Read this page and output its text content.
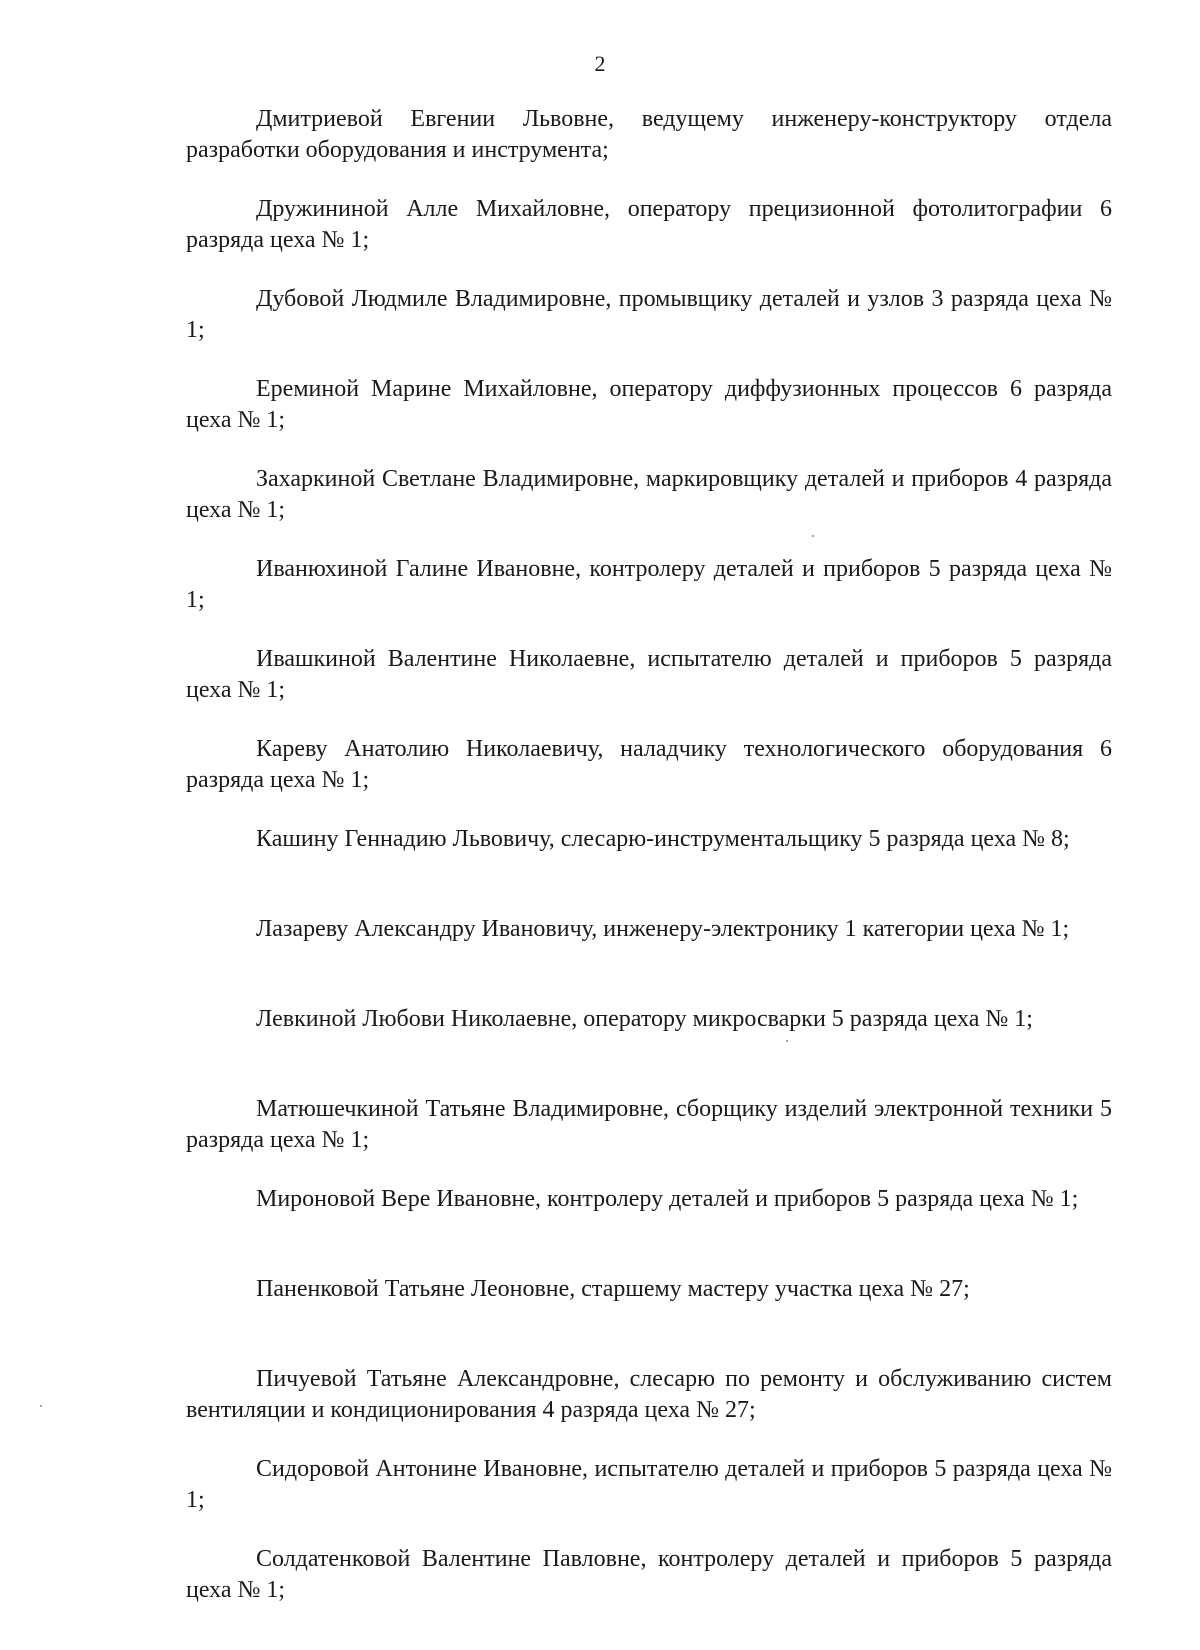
2

Дмитриевой Евгении Львовне, ведущему инженеру-конструктору отдела разработки оборудования и инструмента;

Дружининой Алле Михайловне, оператору прецизионной фотолитографии 6 разряда цеха № 1;

Дубовой Людмиле Владимировне, промывщику деталей и узлов 3 разряда цеха № 1;

Ереминой Марине Михайловне, оператору диффузионных процессов 6 разряда цеха № 1;

Захаркиной Светлане Владимировне, маркировщику деталей и приборов 4 разряда цеха № 1;

Иванюхиной Галине Ивановне, контролеру деталей и приборов 5 разряда цеха № 1;

Ивашкиной Валентине Николаевне, испытателю деталей и приборов 5 разряда цеха № 1;

Кареву Анатолию Николаевичу, наладчику технологического оборудования 6 разряда цеха № 1;

Кашину Геннадию Львовичу, слесарю-инструментальщику 5 разряда цеха № 8;

Лазареву Александру Ивановичу, инженеру-электронику 1 категории цеха № 1;

Левкиной Любови Николаевне, оператору микросварки 5 разряда цеха № 1;

Матюшечкиной Татьяне Владимировне, сборщику изделий электронной техники 5 разряда цеха № 1;

Мироновой Вере Ивановне, контролеру деталей и приборов 5 разряда цеха № 1;

Паненковой Татьяне Леоновне, старшему мастеру участка цеха № 27;

Пичуевой Татьяне Александровне, слесарю по ремонту и обслуживанию систем вентиляции и кондиционирования 4 разряда цеха № 27;

Сидоровой Антонине Ивановне, испытателю деталей и приборов 5 разряда цеха № 1;

Солдатенковой Валентине Павловне, контролеру деталей и приборов 5 разряда цеха № 1;
